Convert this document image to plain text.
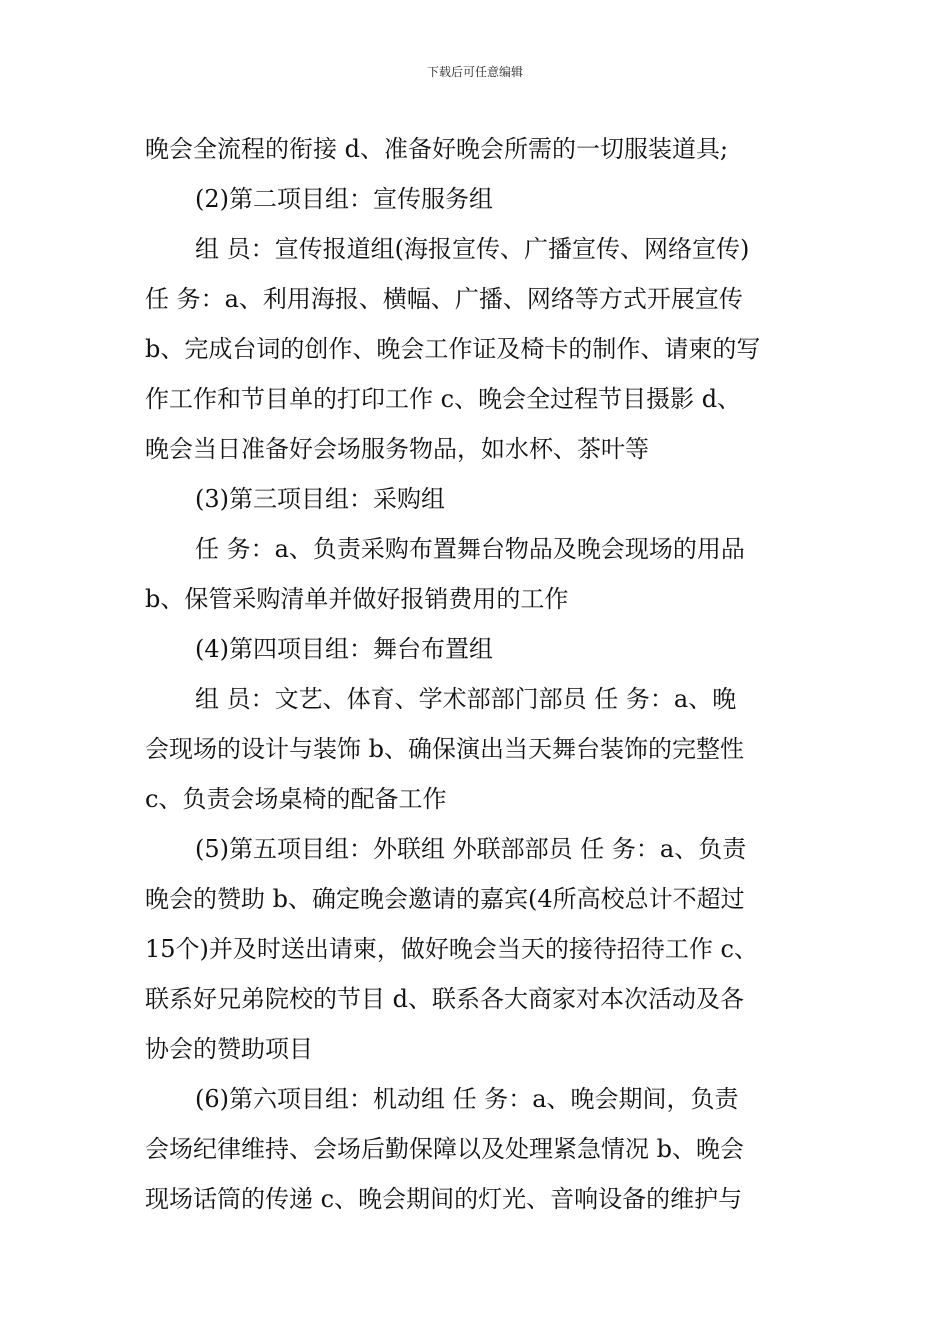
下载后可任意编辑
晚会全流程的衔接 d、准备好晚会所需的一切服装道具;
(2)第二项目组：宣传服务组
组 员：宣传报道组(海报宣传、广播宣传、网络宣传)
任 务：a、利用海报、横幅、广播、网络等方式开展宣传
b、完成台词的创作、晚会工作证及椅卡的制作、请柬的写
作工作和节目单的打印工作 c、晚会全过程节目摄影 d、
晚会当日准备好会场服务物品，如水杯、茶叶等
(3)第三项目组：采购组
任 务：a、负责采购布置舞台物品及晚会现场的用品
b、保管采购清单并做好报销费用的工作
(4)第四项目组：舞台布置组
组 员：文艺、体育、学术部部门部员 任 务：a、晚
会现场的设计与装饰 b、确保演出当天舞台装饰的完整性
c、负责会场桌椅的配备工作
(5)第五项目组：外联组 外联部部员 任 务：a、负责
晚会的赞助 b、确定晚会邀请的嘉宾(4所高校总计不超过
15个)并及时送出请柬，做好晚会当天的接待招待工作 c、
联系好兄弟院校的节目 d、联系各大商家对本次活动及各
协会的赞助项目
(6)第六项目组：机动组 任 务：a、晚会期间，负责
会场纪律维持、会场后勤保障以及处理紧急情况 b、晚会
现场话筒的传递 c、晚会期间的灯光、音响设备的维护与
